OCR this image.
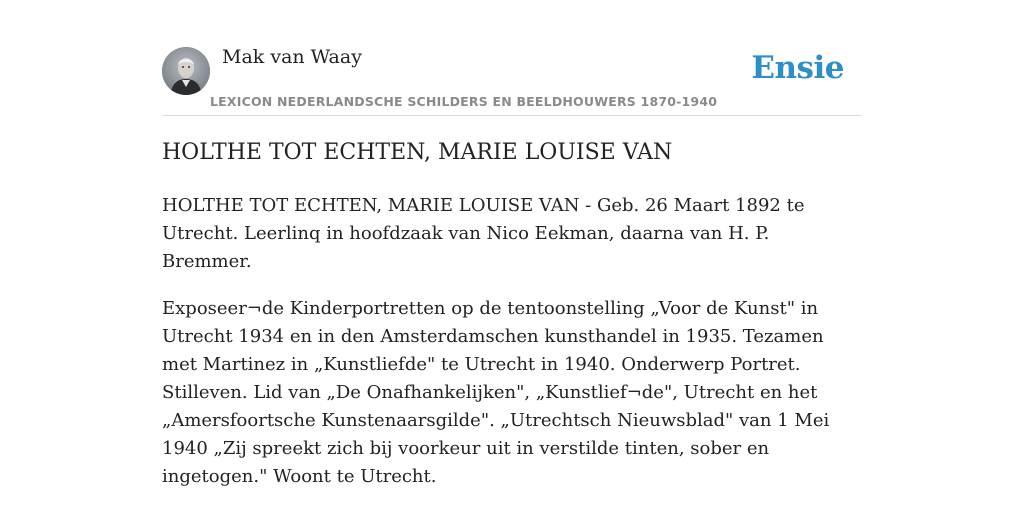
Mak van Waay
LEXICON NEDERLANDSCHE SCHILDERS EN BEELDHOUWERS 1870-1940
Ensie
HOLTHE TOT ECHTEN, MARIE LOUISE VAN

HOLTHE TOT ECHTEN, MARIE LOUISE VAN - Geb. 26 Maart 1892 te Utrecht. Leerlinq in hoofdzaak van Nico Eekman, daarna van H. P. Bremmer.

Exposeer¬de Kinderportretten op de tentoonstelling „Voor de Kunst" in Utrecht 1934 en in den Amsterdamschen kunsthandel in 1935. Tezamen met Martinez in „Kunstliefde" te Utrecht in 1940. Onderwerp Portret. Stilleven. Lid van „De Onafhankelijken", „Kunstlief¬de", Utrecht en het „Amersfoortsche Kunstenaarsgilde". „Utrechtsch Nieuwsblad" van 1 Mei 1940 „Zij spreekt zich bij voorkeur uit in verstilde tinten, sober en ingetogen." Woont te Utrecht.
